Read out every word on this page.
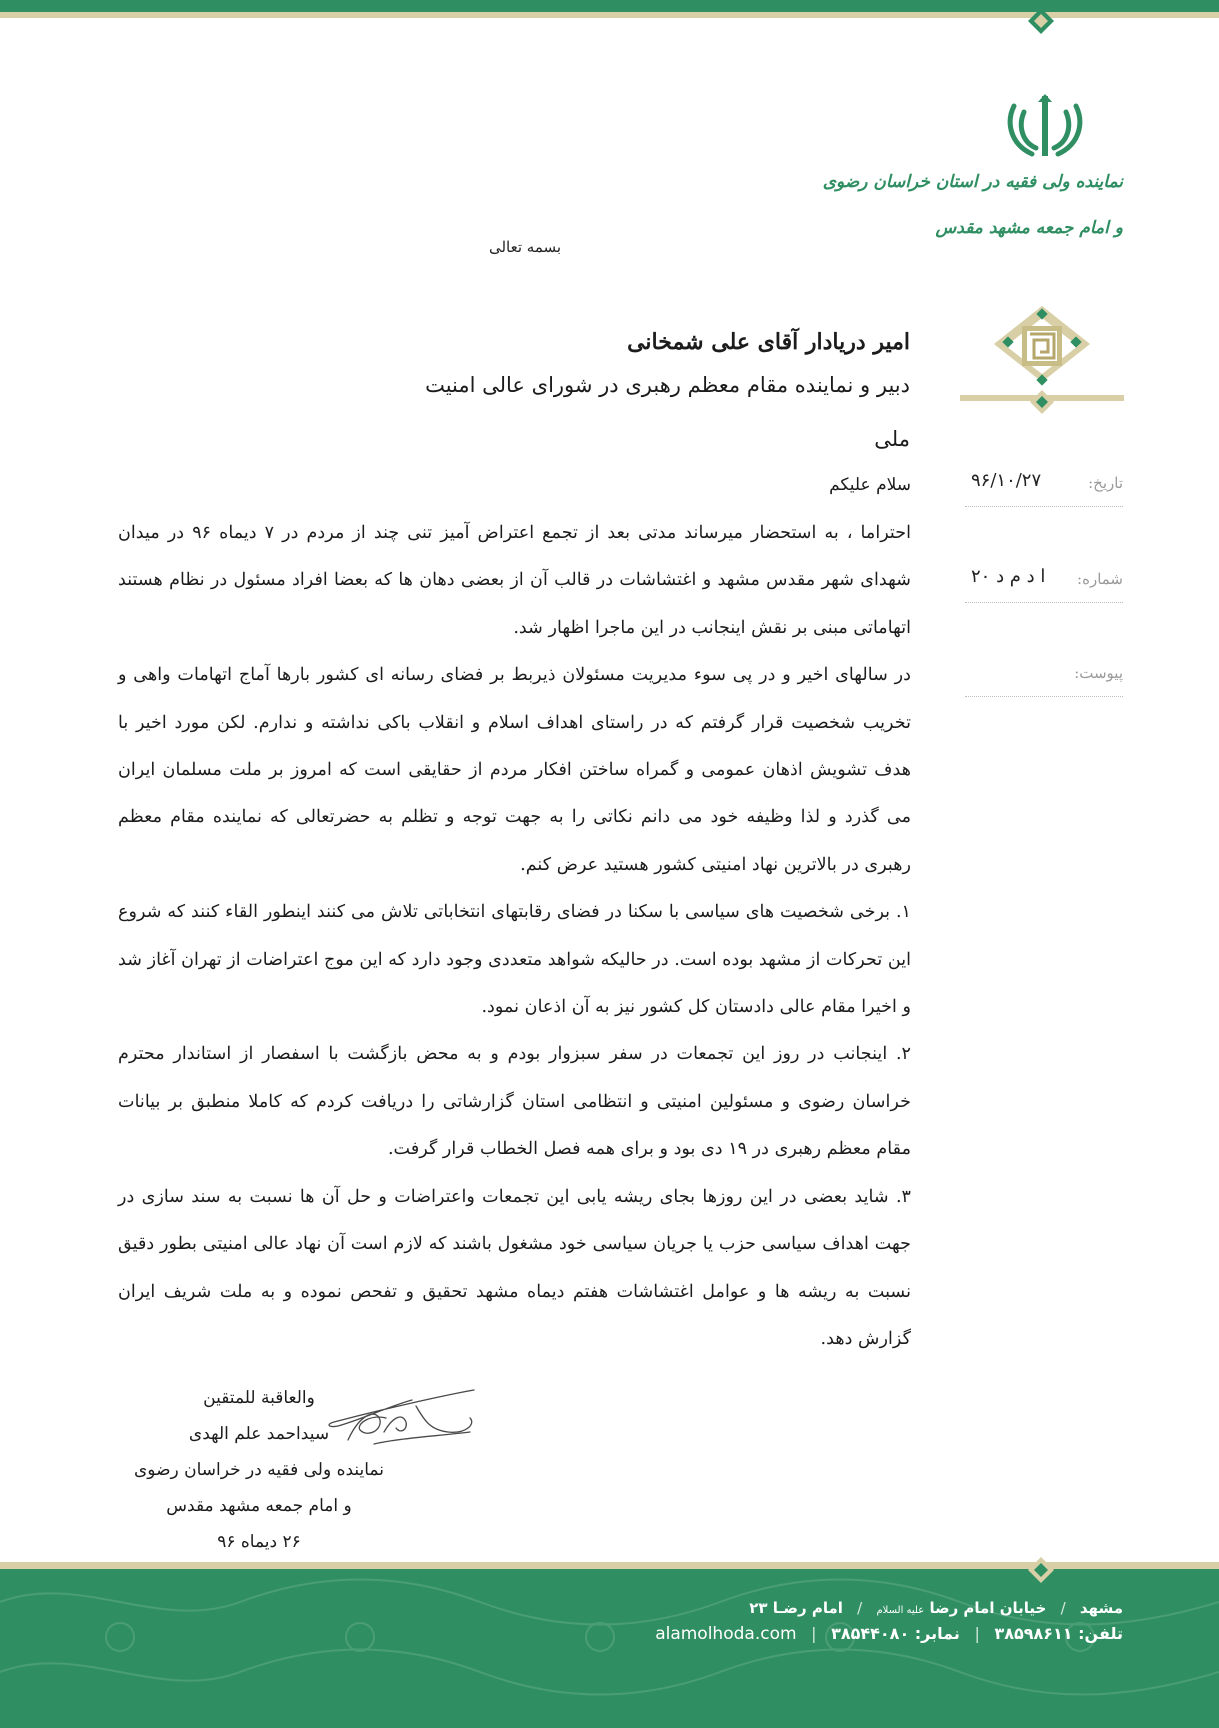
نماینده ولی فقیه در استان خراسان رضوی
و امام جمعه مشهد مقدس
بسمه تعالی
امیر دریادار آقای علی شمخانی
دبیر و نماینده مقام معظم رهبری در شورای عالی امنیت ملی
تاریخ:
۹۶/۱۰/۲۷
شماره:
ا د م د ۲۰
پیوست:

سلام علیکم

احتراما ، به استحضار میرساند مدتی بعد از تجمع اعتراض آمیز تنی چند از مردم در ۷ دیماه ۹۶ در میدان شهدای شهر مقدس مشهد و اغتشاشات در قالب آن از بعضی دهان ها که بعضا افراد مسئول در نظام هستند اتهاماتی مبنی بر نقش اینجانب در این ماجرا اظهار شد.

در سالهای اخیر و در پی سوء مدیریت مسئولان ذیربط بر فضای رسانه ای کشور بارها آماج اتهامات واهی و تخریب شخصیت قرار گرفتم که در راستای اهداف اسلام و انقلاب باکی نداشته و ندارم. لکن مورد اخیر با هدف تشویش اذهان عمومی و گمراه ساختن افکار مردم از حقایقی است که امروز بر ملت مسلمان ایران می گذرد و لذا وظیفه خود می دانم نکاتی را به جهت توجه و تظلم به حضرتعالی که نماینده مقام معظم رهبری در بالاترین نهاد امنیتی کشور هستید عرض کنم.

۱. برخی شخصیت های سیاسی با سکنا در فضای رقابتهای انتخاباتی تلاش می کنند اینطور القاء کنند که شروع این تحرکات از مشهد بوده است. در حالیکه شواهد متعددی وجود دارد که این موج اعتراضات از تهران آغاز شد و اخیرا مقام عالی دادستان کل کشور نیز به آن اذعان نمود.

۲. اینجانب در روز این تجمعات در سفر سبزوار بودم و به محض بازگشت با اسفصار از استاندار محترم خراسان رضوی و مسئولین امنیتی و انتظامی استان گزارشاتی را دریافت کردم که کاملا منطبق بر بیانات مقام معظم رهبری در ۱۹ دی بود و برای همه فصل الخطاب قرار گرفت.

۳. شاید بعضی در این روزها بجای ریشه یابی این تجمعات واعتراضات و حل آن ها نسبت به سند سازی در جهت اهداف سیاسی حزب یا جریان سیاسی خود مشغول باشند که لازم است آن نهاد عالی امنیتی بطور دقیق نسبت به ریشه ها و عوامل اغتشاشات هفتم دیماه مشهد تحقیق و تفحص نموده و به ملت شریف ایران گزارش دهد.

والعاقبة للمتقین
سیداحمد علم الهدی
نماینده ولی فقیه در خراسان رضوی
و امام جمعه مشهد مقدس
۲۶ دیماه ۹۶
مشهد / خیابان امام رضا علیه السلام / امام رضـا ۲۳
تلفن: ۳۸۵۹۸۶۱۱ | نمابر: ۳۸۵۴۴۰۸۰ | alamolhoda.com
